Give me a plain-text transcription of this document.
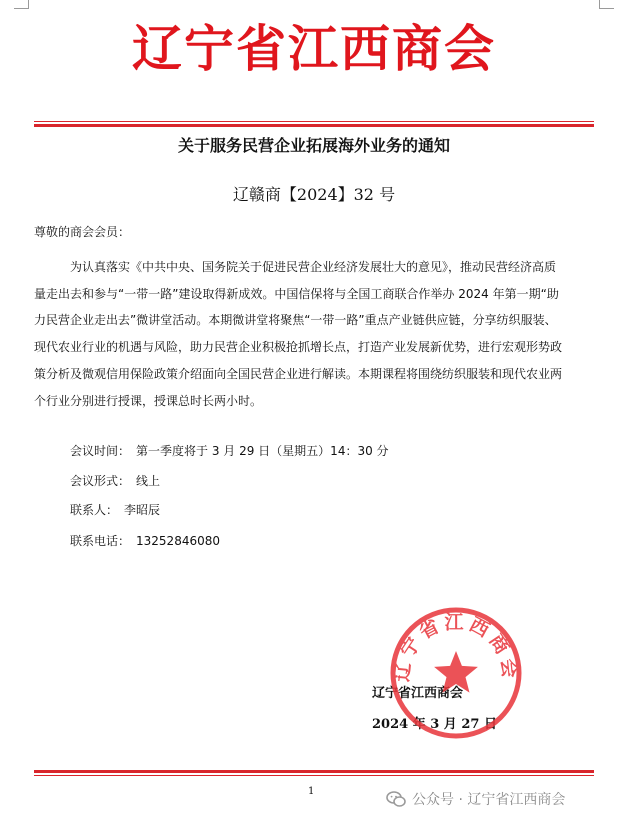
辽宁省江西商会
关于服务民营企业拓展海外业务的通知
辽赣商【2024】32 号
尊敬的商会会员：
为认真落实《中共中央、国务院关于促进民营企业经济发展壮大的意见》，推动民营经济高质
量走出去和参与“一带一路”建设取得新成效。中国信保将与全国工商联合作举办 2024 年第一期“助
力民营企业走出去”微讲堂活动。本期微讲堂将聚焦“一带一路”重点产业链供应链，分享纺织服装、
现代农业行业的机遇与风险，助力民营企业积极抢抓增长点，打造产业发展新优势，进行宏观形势政
策分析及微观信用保险政策介绍面向全国民营企业进行解读。本期课程将围绕纺织服装和现代农业两
个行业分别进行授课，授课总时长两小时。
会议时间： 第一季度将于 3 月 29 日（星期五）14：30 分
会议形式： 线上
联系人： 李昭辰
联系电话： 13252846080
辽宁省江西商会
2024 年 3 月 27 日
辽宁省江西商会
1
公众号 · 辽宁省江西商会
